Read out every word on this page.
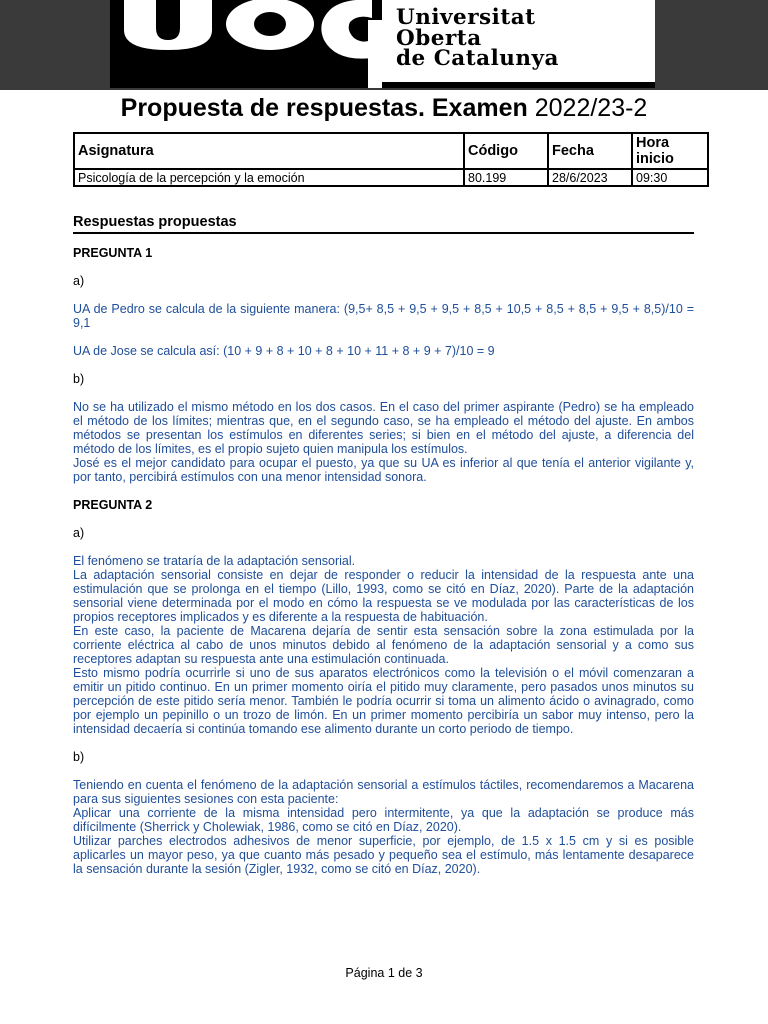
Universitat
Oberta
de Catalunya
Propuesta de respuestas. Examen 2022/23-2
Asignatura	Código	Fecha	Hora inicio
Psicología de la percepción y la emoción	80.199	28/6/2023	09:30
Respuestas propuestas
PREGUNTA 1
a)

UA de Pedro se calcula de la siguiente manera: (9,5+ 8,5 + 9,5 + 9,5 + 8,5 + 10,5 + 8,5 + 8,5 + 9,5 + 8,5)/10 = 9,1

UA de Jose se calcula así: (10 + 9 + 8 + 10 + 8 + 10 + 11 + 8 + 9 + 7)/10 = 9

b)

No se ha utilizado el mismo método en los dos casos. En el caso del primer aspirante (Pedro) se ha empleado el método de los límites; mientras que, en el segundo caso, se ha empleado el método del ajuste. En ambos métodos se presentan los estímulos en diferentes series; si bien en el método del ajuste, a diferencia del método de los límites, es el propio sujeto quien manipula los estímulos.

José es el mejor candidato para ocupar el puesto, ya que su UA es inferior al que tenía el anterior vigilante y, por tanto, percibirá estímulos con una menor intensidad sonora.

PREGUNTA 2
a)

El fenómeno se trataría de la adaptación sensorial.

La adaptación sensorial consiste en dejar de responder o reducir la intensidad de la respuesta ante una estimulación que se prolonga en el tiempo (Lillo, 1993, como se citó en Díaz, 2020). Parte de la adaptación sensorial viene determinada por el modo en cómo la respuesta se ve modulada por las características de los propios receptores implicados y es diferente a la respuesta de habituación.

En este caso, la paciente de Macarena dejaría de sentir esta sensación sobre la zona estimulada por la corriente eléctrica al cabo de unos minutos debido al fenómeno de la adaptación sensorial y a como sus receptores adaptan su respuesta ante una estimulación continuada.

Esto mismo podría ocurrirle si uno de sus aparatos electrónicos como la televisión o el móvil comenzaran a emitir un pitido continuo. En un primer momento oiría el pitido muy claramente, pero pasados unos minutos su percepción de este pitido sería menor. También le podría ocurrir si toma un alimento ácido o avinagrado, como por ejemplo un pepinillo o un trozo de limón. En un primer momento percibiría un sabor muy intenso, pero la intensidad decaería si continúa tomando ese alimento durante un corto periodo de tiempo.

b)

Teniendo en cuenta el fenómeno de la adaptación sensorial a estímulos táctiles, recomendaremos a Macarena para sus siguientes sesiones con esta paciente:

Aplicar una corriente de la misma intensidad pero intermitente, ya que la adaptación se produce más difícilmente (Sherrick y Cholewiak, 1986, como se citó en Díaz, 2020).

Utilizar parches electrodos adhesivos de menor superficie, por ejemplo, de 1.5 x 1.5 cm y si es posible aplicarles un mayor peso, ya que cuanto más pesado y pequeño sea el estímulo, más lentamente desaparece la sensación durante la sesión (Zigler, 1932, como se citó en Díaz, 2020).

Página 1 de 3
